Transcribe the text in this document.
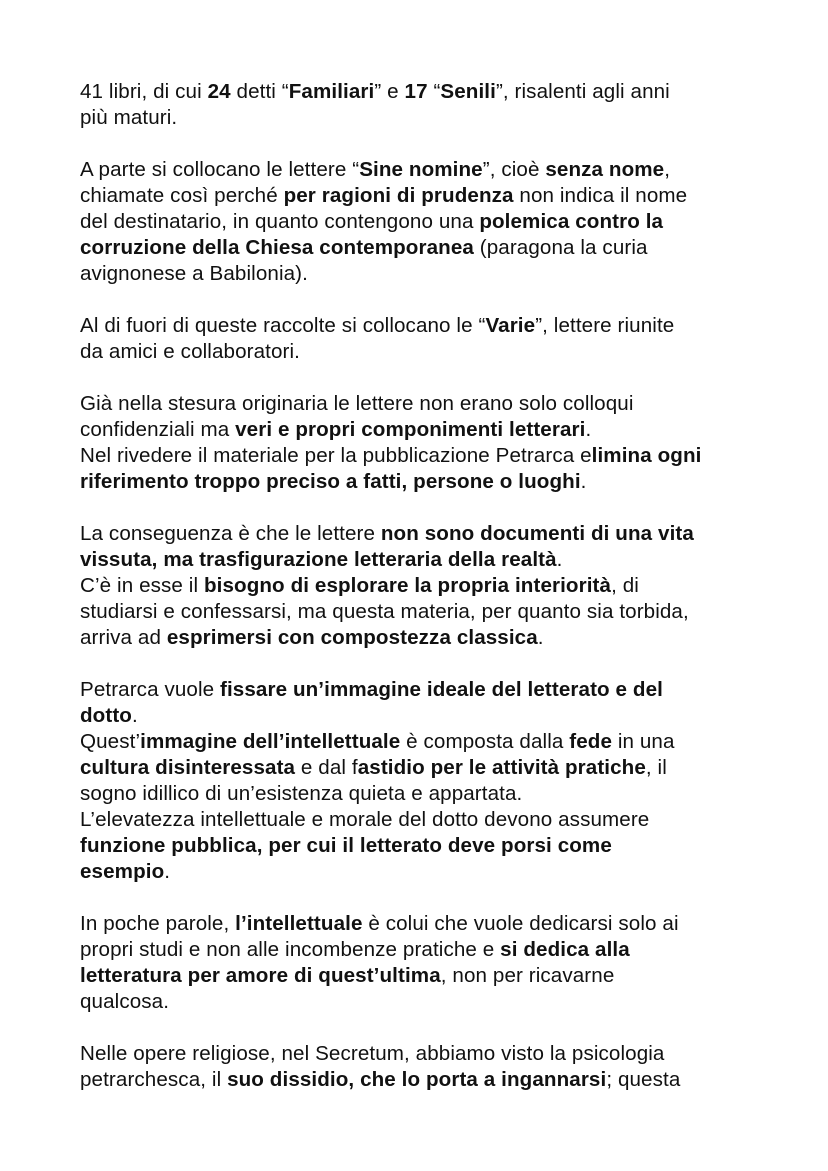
41 libri, di cui 24 detti “Familiari” e 17 “Senili”, risalenti agli anni
più maturi.
A parte si collocano le lettere “Sine nomine”, cioè senza nome,
chiamate così perché per ragioni di prudenza non indica il nome
del destinatario, in quanto contengono una polemica contro la
corruzione della Chiesa contemporanea (paragona la curia
avignonese a Babilonia).
Al di fuori di queste raccolte si collocano le “Varie”, lettere riunite
da amici e collaboratori.
Già nella stesura originaria le lettere non erano solo colloqui
confidenziali ma veri e propri componimenti letterari.
Nel rivedere il materiale per la pubblicazione Petrarca elimina ogni
riferimento troppo preciso a fatti, persone o luoghi.
La conseguenza è che le lettere non sono documenti di una vita
vissuta, ma trasfigurazione letteraria della realtà.
C’è in esse il bisogno di esplorare la propria interiorità, di
studiarsi e confessarsi, ma questa materia, per quanto sia torbida,
arriva ad esprimersi con compostezza classica.
Petrarca vuole fissare un’immagine ideale del letterato e del
dotto.
Quest’immagine dell’intellettuale è composta dalla fede in una
cultura disinteressata e dal fastidio per le attività pratiche, il
sogno idillico di un’esistenza quieta e appartata.
L’elevatezza intellettuale e morale del dotto devono assumere
funzione pubblica, per cui il letterato deve porsi come
esempio.
In poche parole, l’intellettuale è colui che vuole dedicarsi solo ai
propri studi e non alle incombenze pratiche e si dedica alla
letteratura per amore di quest’ultima, non per ricavarne
qualcosa.
Nelle opere religiose, nel Secretum, abbiamo visto la psicologia
petrarchesca, il suo dissidio, che lo porta a ingannarsi; questa
